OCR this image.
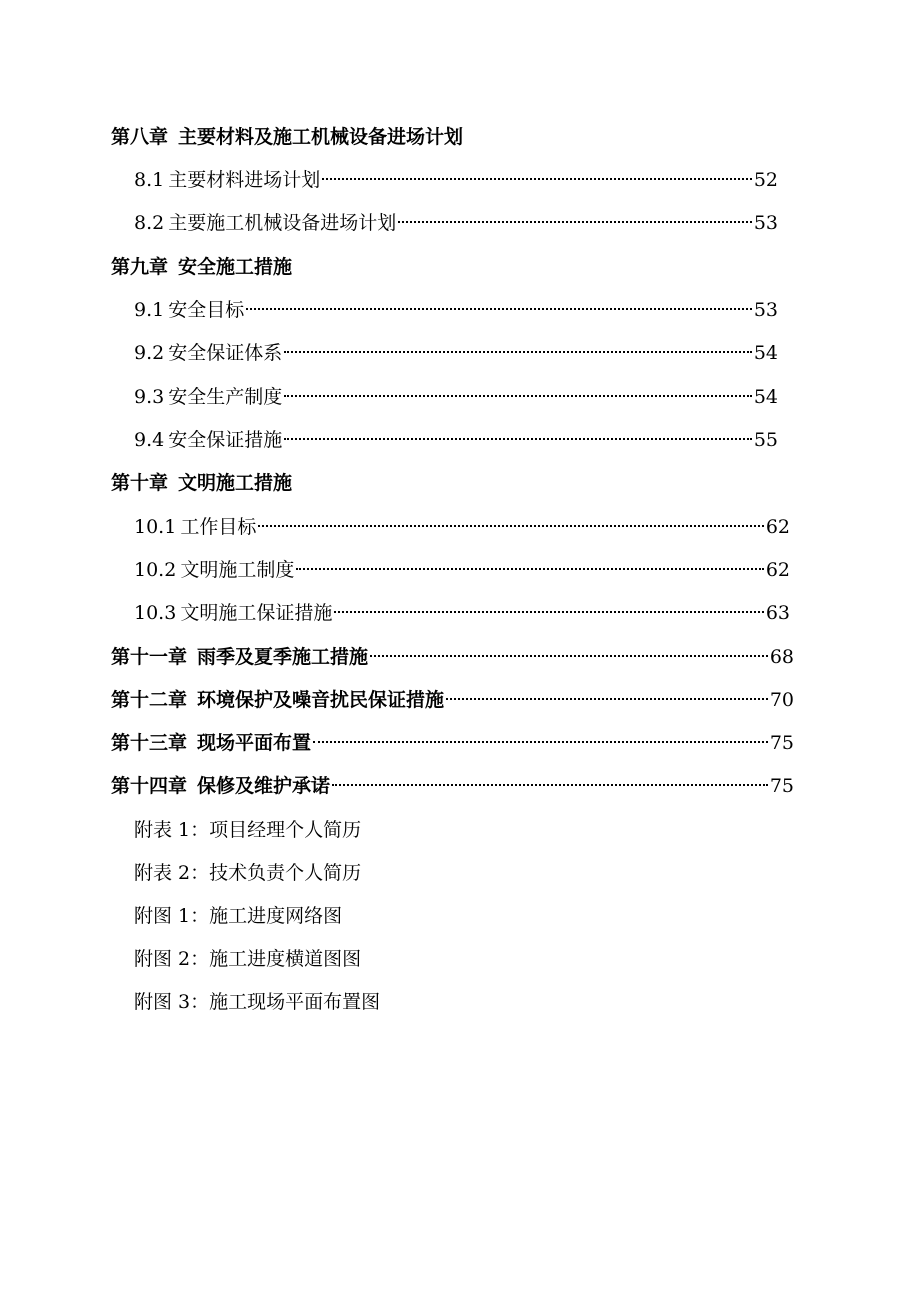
第八章 主要材料及施工机械设备进场计划
8.1 主要材料进场计划	52
8.2 主要施工机械设备进场计划	53
第九章 安全施工措施
9.1 安全目标	53
9.2 安全保证体系	54
9.3 安全生产制度	54
9.4 安全保证措施	55
第十章 文明施工措施
10.1 工作目标	62
10.2 文明施工制度	62
10.3 文明施工保证措施	63
第十一章 雨季及夏季施工措施	68
第十二章 环境保护及噪音扰民保证措施	70
第十三章 现场平面布置	75
第十四章 保修及维护承诺	75
附表 1： 项目经理个人简历
附表 2： 技术负责个人简历
附图 1： 施工进度网络图
附图 2： 施工进度横道图图
附图 3： 施工现场平面布置图
